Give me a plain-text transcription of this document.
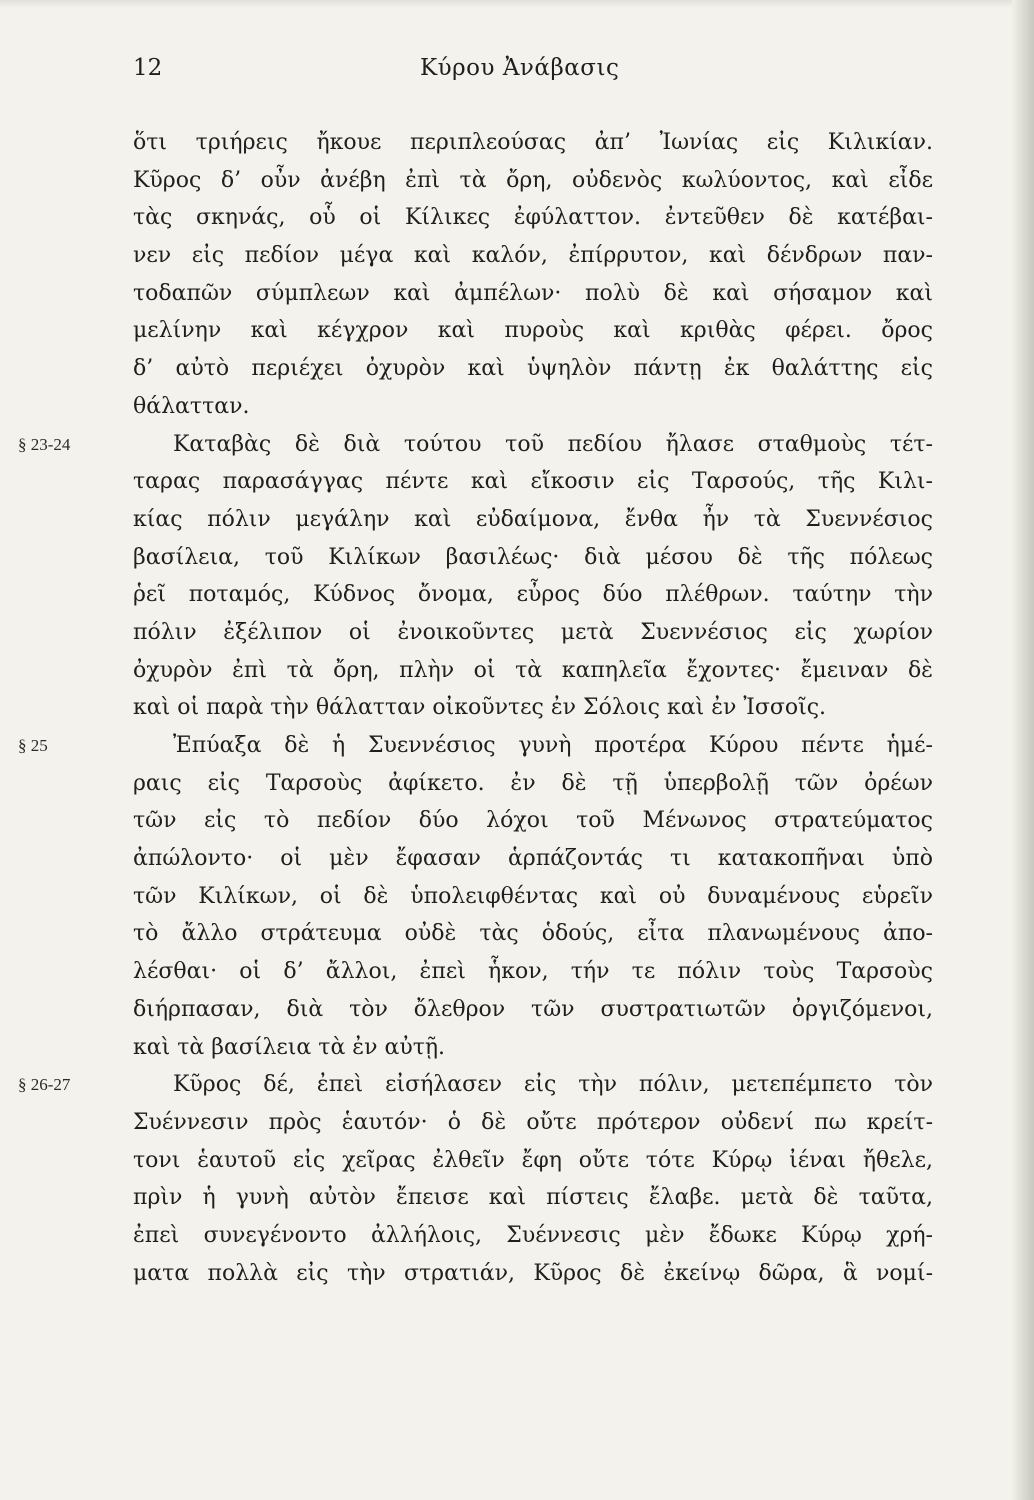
12	Κύρου Ἀνάβασις
ὅτι τριήρεις ἤκουε περιπλεούσας ἀπ’ Ἰωνίας εἰς Κιλικίαν.
Κῦρος δ’ οὖν ἀνέβη ἐπὶ τὰ ὄρη, οὐδενὸς κωλύοντος, καὶ εἶδε
τὰς σκηνάς, οὗ οἱ Κίλικες ἐφύλαττον. ἐντεῦθεν δὲ κατέβαι-
νεν εἰς πεδίον μέγα καὶ καλόν, ἐπίρρυτον, καὶ δένδρων παν-
τοδαπῶν σύμπλεων καὶ ἀμπέλων· πολὺ δὲ καὶ σήσαμον καὶ
μελίνην καὶ κέγχρον καὶ πυροὺς καὶ κριθὰς φέρει. ὄρος
δ’ αὐτὸ περιέχει ὀχυρὸν καὶ ὑψηλὸν πάντῃ ἐκ θαλάττης εἰς
θάλατταν.
§ 23-24	Καταβὰς δὲ διὰ τούτου τοῦ πεδίου ἤλασε σταθμοὺς τέτ-
ταρας παρασάγγας πέντε καὶ εἴκοσιν εἰς Ταρσούς, τῆς Κιλι-
κίας πόλιν μεγάλην καὶ εὐδαίμονα, ἔνθα ἦν τὰ Συεννέσιος
βασίλεια, τοῦ Κιλίκων βασιλέως· διὰ μέσου δὲ τῆς πόλεως
ῥεῖ ποταμός, Κύδνος ὄνομα, εὖρος δύο πλέθρων. ταύτην τὴν
πόλιν ἐξέλιπον οἱ ἐνοικοῦντες μετὰ Συεννέσιος εἰς χωρίον
ὀχυρὸν ἐπὶ τὰ ὄρη, πλὴν οἱ τὰ καπηλεῖα ἔχοντες· ἔμειναν δὲ
καὶ οἱ παρὰ τὴν θάλατταν οἰκοῦντες ἐν Σόλοις καὶ ἐν Ἰσσοῖς.
§ 25	Ἐπύαξα δὲ ἡ Συεννέσιος γυνὴ προτέρα Κύρου πέντε ἡμέ-
ραις εἰς Ταρσοὺς ἀφίκετο. ἐν δὲ τῇ ὑπερβολῇ τῶν ὀρέων
τῶν εἰς τὸ πεδίον δύο λόχοι τοῦ Μένωνος στρατεύματος
ἀπώλοντο· οἱ μὲν ἔφασαν ἁρπάζοντάς τι κατακοπῆναι ὑπὸ
τῶν Κιλίκων, οἱ δὲ ὑπολειφθέντας καὶ οὐ δυναμένους εὑρεῖν
τὸ ἄλλο στράτευμα οὐδὲ τὰς ὁδούς, εἶτα πλανωμένους ἀπο-
λέσθαι· οἱ δ’ ἄλλοι, ἐπεὶ ἧκον, τήν τε πόλιν τοὺς Ταρσοὺς
διήρπασαν, διὰ τὸν ὄλεθρον τῶν συστρατιωτῶν ὀργιζόμενοι,
καὶ τὰ βασίλεια τὰ ἐν αὐτῇ.
§ 26-27	Κῦρος δέ, ἐπεὶ εἰσήλασεν εἰς τὴν πόλιν, μετεπέμπετο τὸν
Συέννεσιν πρὸς ἑαυτόν· ὁ δὲ οὔτε πρότερον οὐδενί πω κρείτ-
τονι ἑαυτοῦ εἰς χεῖρας ἐλθεῖν ἔφη οὔτε τότε Κύρῳ ἰέναι ἤθελε,
πρὶν ἡ γυνὴ αὐτὸν ἔπεισε καὶ πίστεις ἔλαβε. μετὰ δὲ ταῦτα,
ἐπεὶ συνεγένοντο ἀλλήλοις, Συέννεσις μὲν ἔδωκε Κύρῳ χρή-
ματα πολλὰ εἰς τὴν στρατιάν, Κῦρος δὲ ἐκείνῳ δῶρα, ἃ νομί-
